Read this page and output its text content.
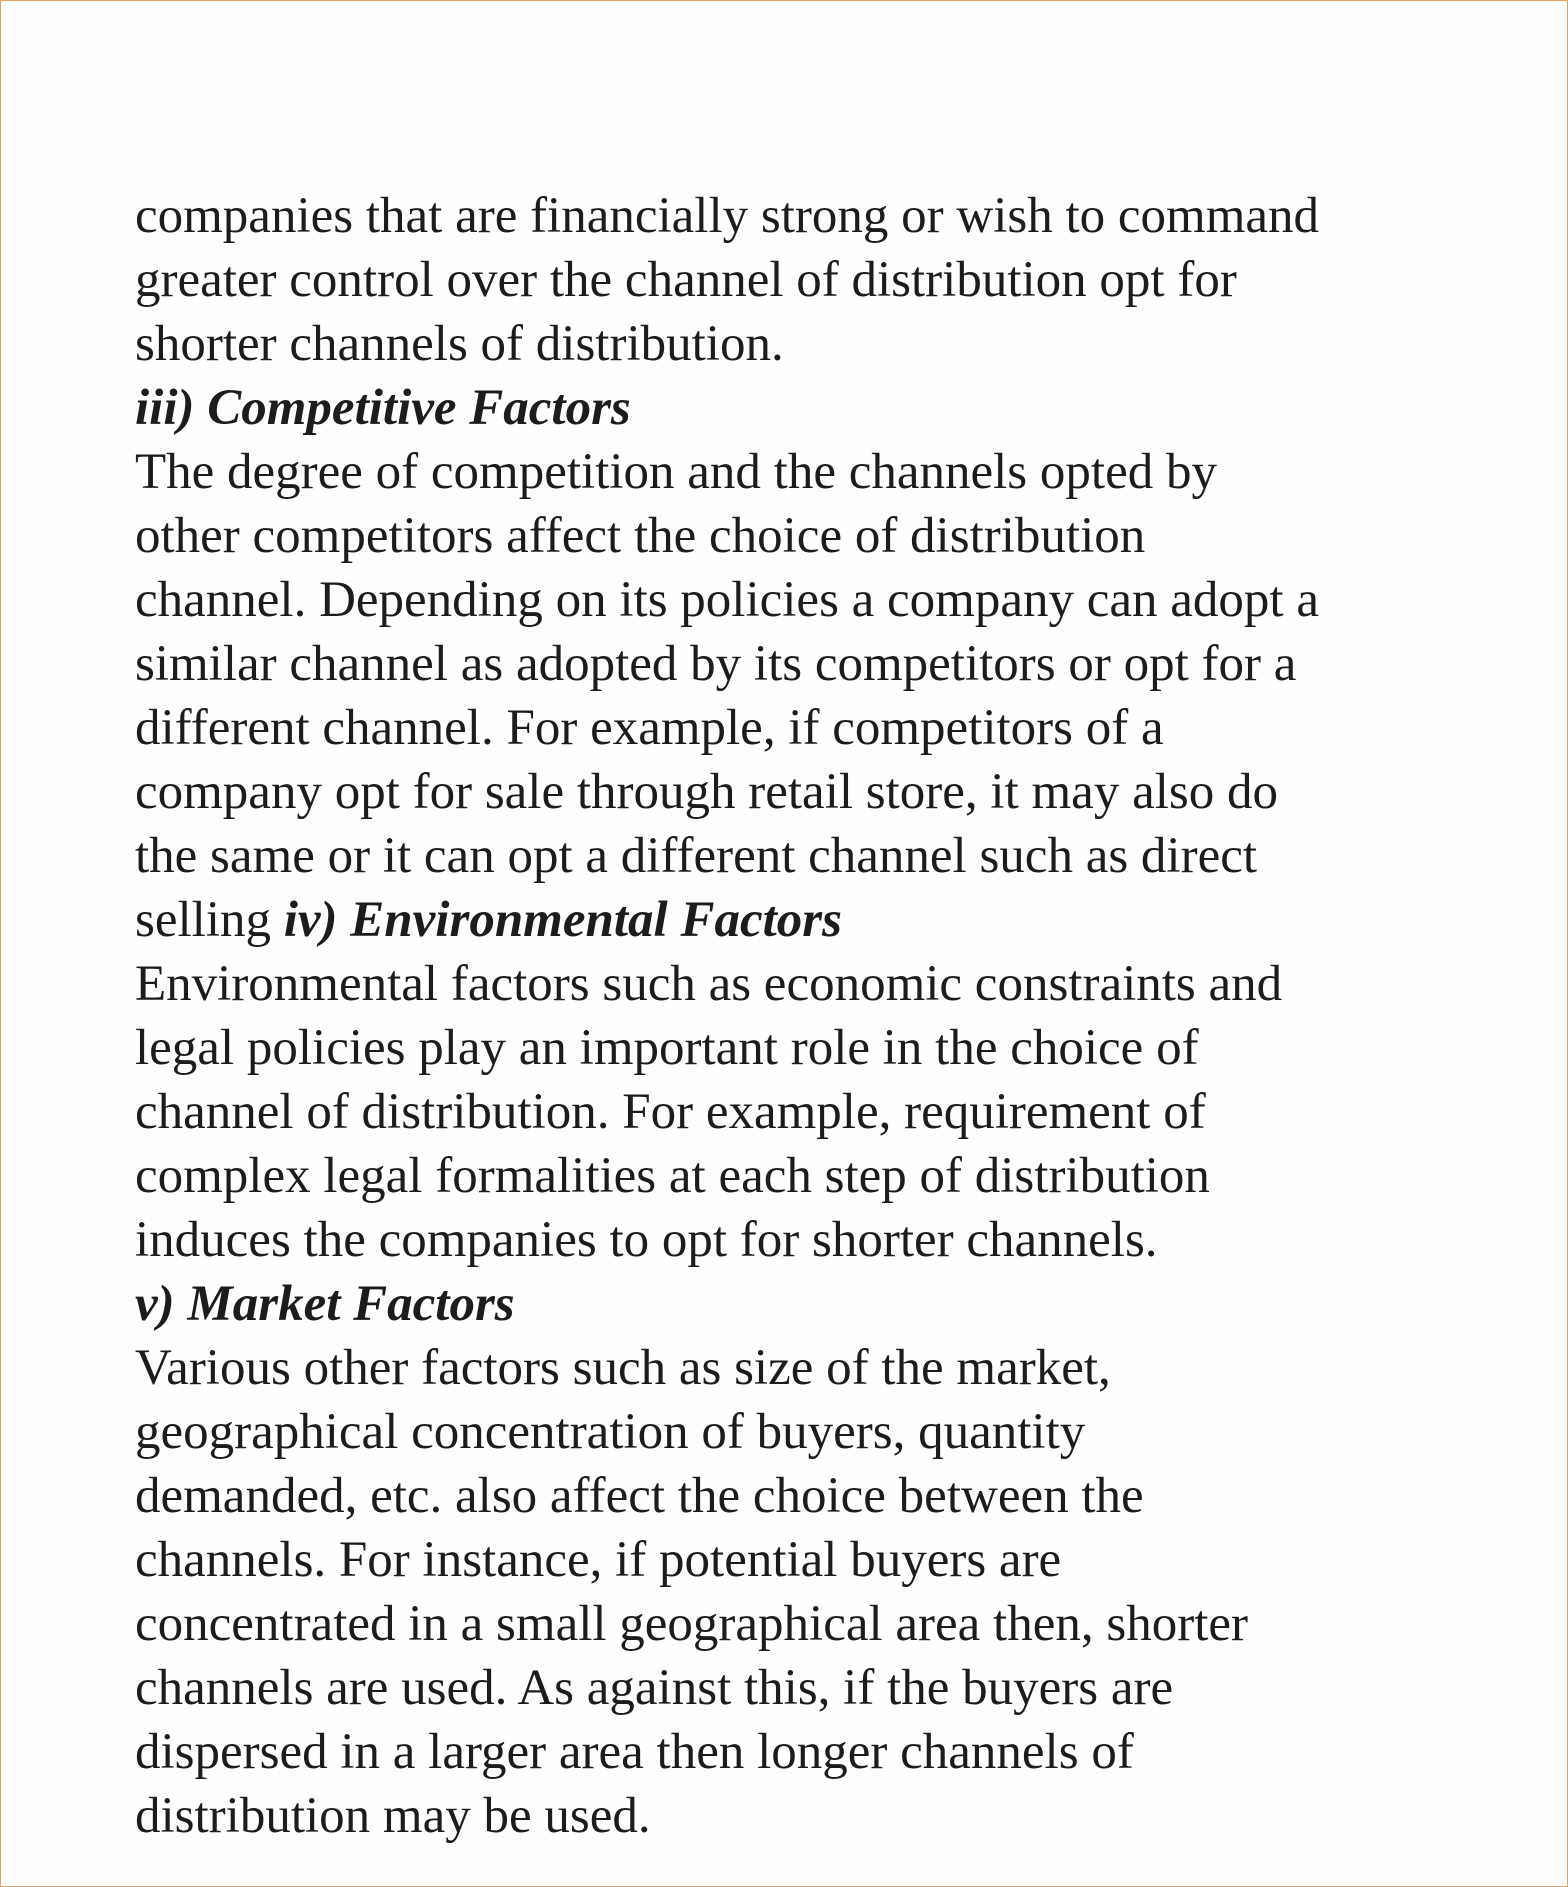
companies that are financially strong or wish to command
greater control over the channel of distribution opt for
shorter channels of distribution.
iii) Competitive Factors
The degree of competition and the channels opted by
other competitors affect the choice of distribution
channel. Depending on its policies a company can adopt a
similar channel as adopted by its competitors or opt for a
different channel. For example, if competitors of a
company opt for sale through retail store, it may also do
the same or it can opt a different channel such as direct
selling iv) Environmental Factors
Environmental factors such as economic constraints and
legal policies play an important role in the choice of
channel of distribution. For example, requirement of
complex legal formalities at each step of distribution
induces the companies to opt for shorter channels.
v) Market Factors
Various other factors such as size of the market,
geographical concentration of buyers, quantity
demanded, etc. also affect the choice between the
channels. For instance, if potential buyers are
concentrated in a small geographical area then, shorter
channels are used. As against this, if the buyers are
dispersed in a larger area then longer channels of
distribution may be used.
